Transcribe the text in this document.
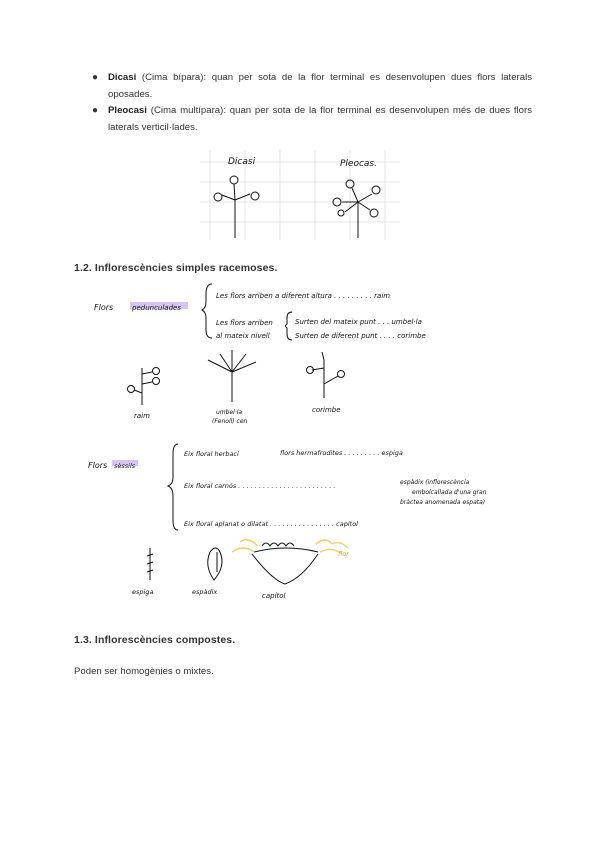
● Dicasi (Cima bípara): quan per sota de la flor terminal es desenvolupen dues flors laterals oposades.
● Pleocasi (Cima multípara): quan per sota de la flor terminal es desenvolupen més de dues flors laterals verticil·lades.
Dicasi	Pleocas.
1.2. Inflorescències simples racemoses.
Flors	pedunculades
Les flors arriben a diferent altura . . . . . . . . . raim
Les flors arriben
al mateix nivell
Surten del mateix punt . . . umbel·la
Surten de diferent punt . . . . corimbe
raim	umbel·la
(Fenoll) cen
corimbe
Flors sèssils
Eix floral herbaci	flors hermafrodites . . . . . . . . . espiga
Eix floral carnós . . . . . . . . . . . . . . . . . . . . . . . .	espàdix (inflorescència
embolcallada d'una gran
bràctea anomenada espata)
Eix floral aplanat o dilatat . . . . . . . . . . . . . . . . capítol
espiga	espàdix
flor
capítol
1.3. Inflorescències compostes.

Poden ser homogènies o mixtes.
